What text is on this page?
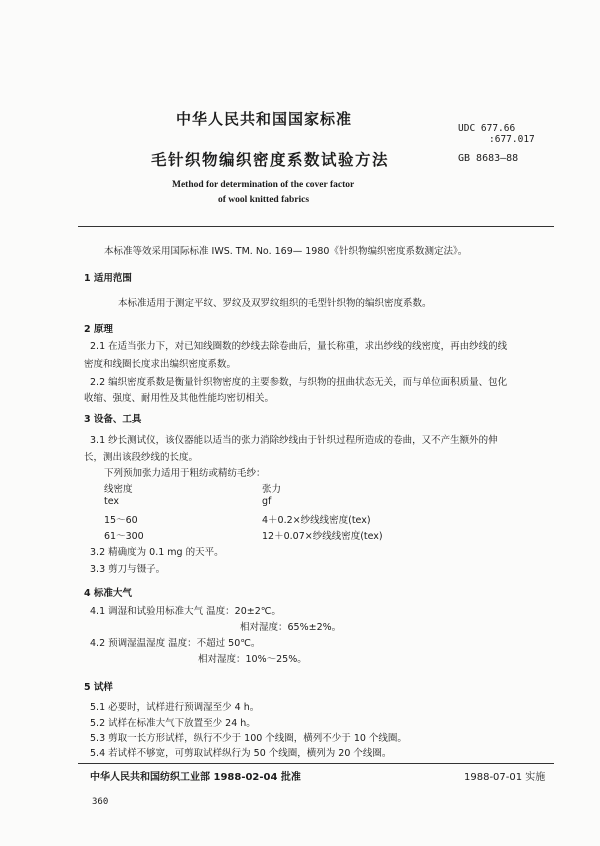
中华人民共和国国家标准
UDC 677.66
:677.017
毛针织物编织密度系数试验方法	GB 8683—88
Method for determination of the cover factor
of wool knitted fabrics
本标准等效采用国际标准 IWS. TM. No. 169— 1980《针织物编织密度系数测定法》。
1 适用范围
本标准适用于测定平纹、罗纹及双罗纹组织的毛型针织物的编织密度系数。
2 原理
2.1 在适当张力下，对已知线圈数的纱线去除卷曲后，量长称重，求出纱线的线密度，再由纱线的线
密度和线圈长度求出编织密度系数。
2.2 编织密度系数是衡量针织物密度的主要参数，与织物的扭曲状态无关，而与单位面积质量、包化
收缩、强度、耐用性及其他性能均密切相关。
3 设备、工具
3.1 纱长测试仪，该仪器能以适当的张力消除纱线由于针织过程所造成的卷曲，又不产生额外的伸
长，测出该段纱线的长度。
下列预加张力适用于粗纺或精纺毛纱：
线密度	张力
tex	gf
15～60	4＋0.2×纱线线密度(tex)
61～300	12＋0.07×纱线线密度(tex)
3.2 精确度为 0.1 mg 的天平。
3.3 剪刀与镊子。
4 标准大气
4.1 调湿和试验用标准大气 温度：20±2℃。
相对湿度：65%±2%。
4.2 预调湿温湿度 温度：不超过 50℃。
相对湿度：10%～25%。
5 试样
5.1 必要时，试样进行预调湿至少 4 h。
5.2 试样在标准大气下放置至少 24 h。
5.3 剪取一长方形试样，纵行不少于 100 个线圈，横列不少于 10 个线圈。
5.4 若试样不够宽，可剪取试样纵行为 50 个线圈，横列为 20 个线圈。
中华人民共和国纺织工业部 1988-02-04 批准	1988-07-01 实施
360
